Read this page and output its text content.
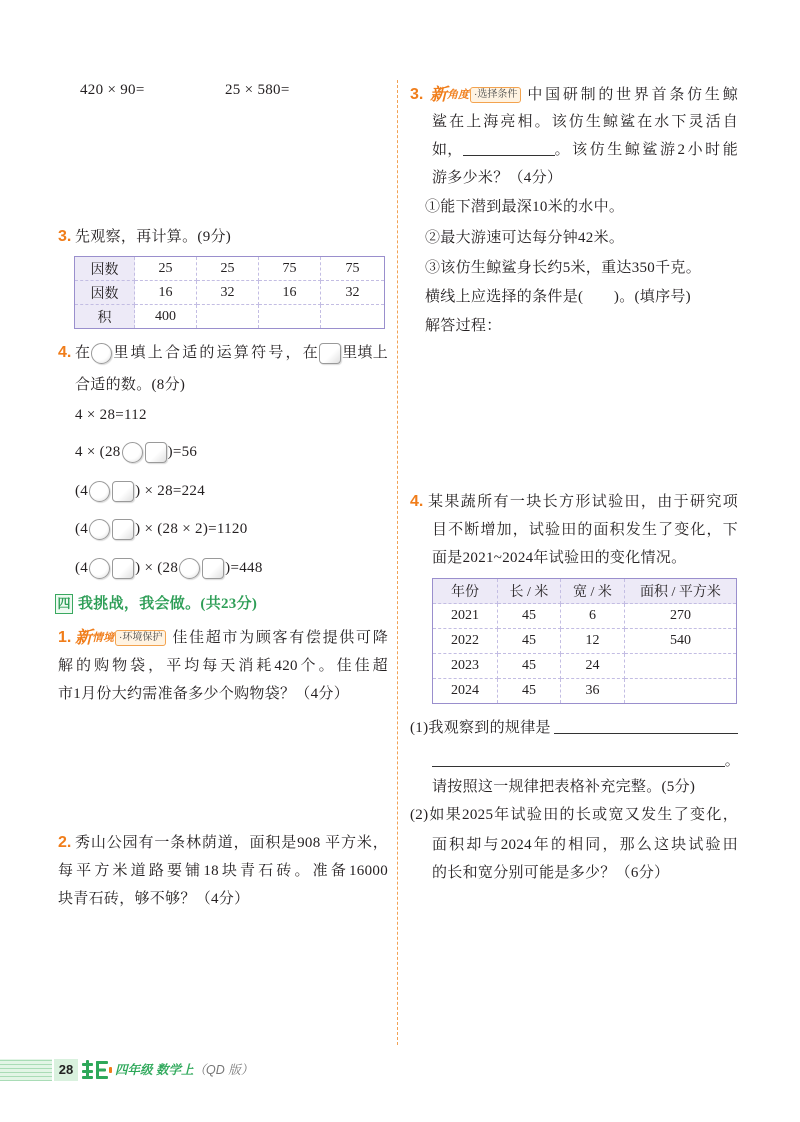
420 × 90=	25 × 580=
3. 先观察，再计算。(9分)
因数	25	25	75	75
因数	16	32	16	32
积	400			
4. 在 里填上合适的运算符号，在 里填上
合适的数。(8分)
4 × 28=112
4 × (28	)=56
(4	) × 28=224
(4	) × (28 × 2)=1120
(4	) × (28	)=448
四 我挑战，我会做。(共23分)
1. 新 情境 ·环境保护 佳佳超市为顾客有偿提供可降
解的购物袋，平均每天消耗420个。佳佳超
市1月份大约需准备多少个购物袋？（4分）
2. 秀山公园有一条林荫道，面积是908 平方米，
每平方米道路要铺18块青石砖。准备16000
块青石砖，够不够？（4分）
3. 新 角度 ·选择条件 中国研制的世界首条仿生鲸
鲨在上海亮相。该仿生鲸鲨在水下灵活自
如，	。该仿生鲸鲨游2小时能
游多少米？（4分）
①能下潜到最深10米的水中。
②最大游速可达每分钟42米。
③该仿生鲸鲨身长约5米，重达350千克。
横线上应选择的条件是(　　)。(填序号)
解答过程：
4. 某果蔬所有一块长方形试验田，由于研究项
目不断增加，试验田的面积发生了变化，下
面是2021~2024年试验田的变化情况。
年份	长 / 米	宽 / 米	面积 / 平方米
2021	45	6	270
2022	45	12	540
2023	45	24	
2024	45	36	
(1)我观察到的规律是
。
请按照这一规律把表格补充完整。(5分)
(2)如果2025年试验田的长或宽又发生了变化，
面积却与2024年的相同，那么这块试验田
的长和宽分别可能是多少？（6分）
28	四年级 数学上（QD 版）
